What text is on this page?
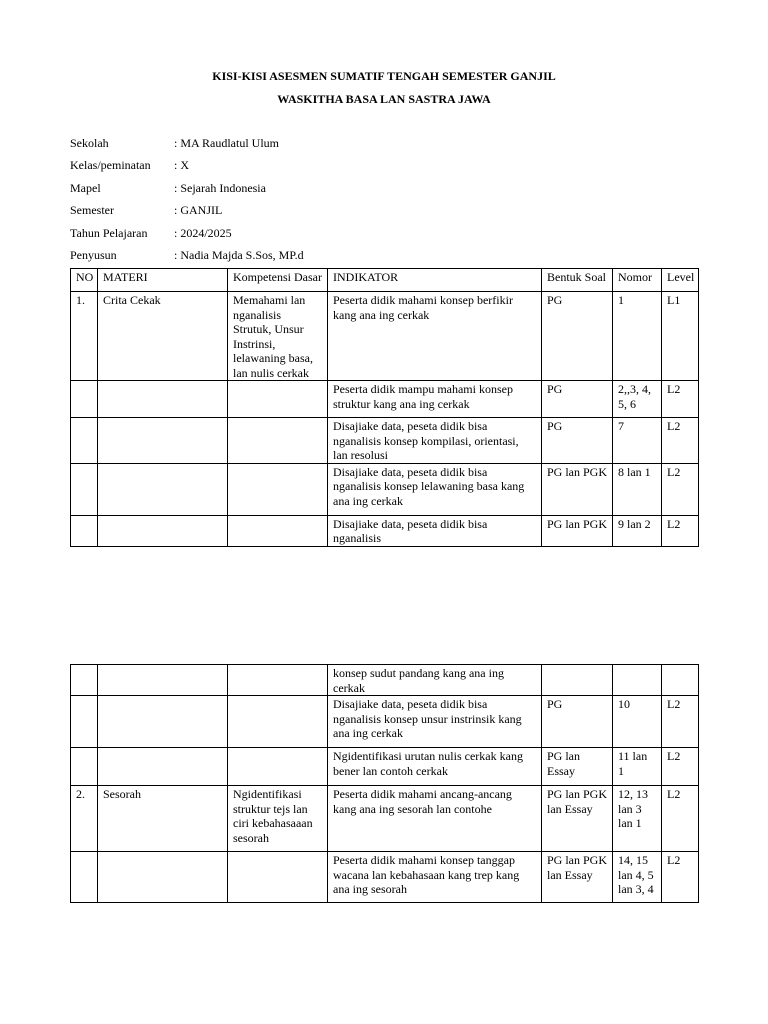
KISI-KISI ASESMEN SUMATIF TENGAH SEMESTER GANJIL
WASKITHA BASA LAN SASTRA JAWA
Sekolah	: MA Raudlatul Ulum
Kelas/peminatan	: X
Mapel	: Sejarah Indonesia
Semester	: GANJIL
Tahun Pelajaran	: 2024/2025
Penyusun	: Nadia Majda S.Sos, MP.d
NO	MATERI	Kompetensi Dasar	INDIKATOR	Bentuk Soal	Nomor	Level
1.	Crita Cekak	Memahami lan nganalisis Strutuk, Unsur Instrinsi, lelawaning basa, lan nulis cerkak	Peserta didik mahami konsep berfikir kang ana ing cerkak	PG	1	L1
			Peserta didik mampu mahami konsep struktur kang ana ing cerkak	PG	2,,3, 4, 5, 6	L2
			Disajiake data, peseta didik bisa nganalisis konsep kompilasi, orientasi, lan resolusi	PG	7	L2
			Disajiake data, peseta didik bisa nganalisis konsep lelawaning basa kang ana ing cerkak	PG lan PGK	8 lan 1	L2
			Disajiake data, peseta didik bisa nganalisis	PG lan PGK	9 lan 2	L2
			konsep sudut pandang kang ana ing cerkak			
			Disajiake data, peseta didik bisa nganalisis konsep unsur instrinsik kang ana ing cerkak	PG	10	L2
			Ngidentifikasi urutan nulis cerkak kang bener lan contoh cerkak	PG lan Essay	11 lan 1	L2
2.	Sesorah	Ngidentifikasi struktur tejs lan ciri kebahasaaan sesorah	Peserta didik mahami ancang-ancang kang ana ing sesorah lan contohe	PG lan PGK lan Essay	12, 13 lan 3 lan 1	L2
			Peserta didik mahami konsep tanggap wacana lan kebahasaan kang trep kang ana ing sesorah	PG lan PGK lan Essay	14, 15 lan 4, 5 lan 3, 4	L2
